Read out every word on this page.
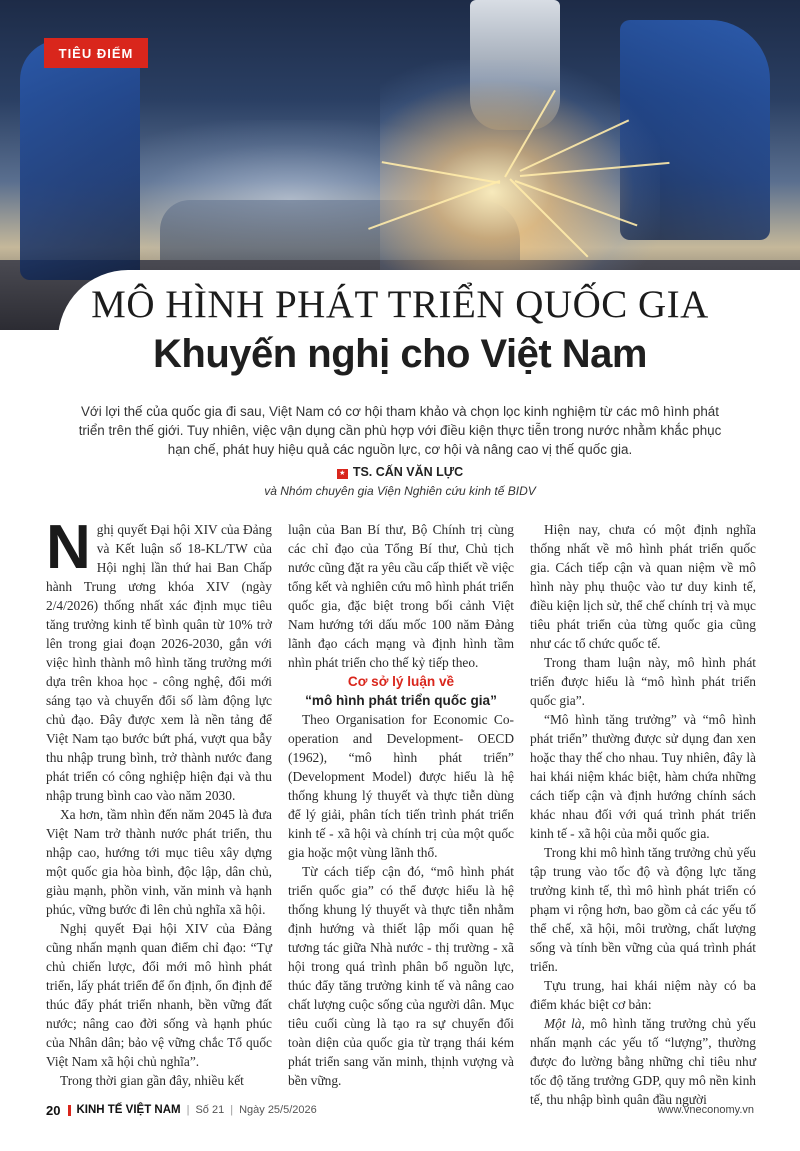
TIÊU ĐIỂM
MÔ HÌNH PHÁT TRIỂN QUỐC GIA
Khuyến nghị cho Việt Nam
Với lợi thế của quốc gia đi sau, Việt Nam có cơ hội tham khảo và chọn lọc kinh nghiệm từ các mô hình phát triển trên thế giới. Tuy nhiên, việc vận dụng cần phù hợp với điều kiện thực tiễn trong nước nhằm khắc phục hạn chế, phát huy hiệu quả các nguồn lực, cơ hội và nâng cao vị thế quốc gia.
★ TS. CẤN VĂN LỰC
và Nhóm chuyên gia Viện Nghiên cứu kinh tế BIDV

Nghị quyết Đại hội XIV của Đảng và Kết luận số 18-KL/TW của Hội nghị lần thứ hai Ban Chấp hành Trung ương khóa XIV (ngày 2/4/2026) thống nhất xác định mục tiêu tăng trưởng kinh tế bình quân từ 10% trở lên trong giai đoạn 2026-2030, gắn với việc hình thành mô hình tăng trưởng mới dựa trên khoa học - công nghệ, đổi mới sáng tạo và chuyển đổi số làm động lực chủ đạo. Đây được xem là nền tảng để Việt Nam tạo bước bứt phá, vượt qua bẫy thu nhập trung bình, trở thành nước đang phát triển có công nghiệp hiện đại và thu nhập trung bình cao vào năm 2030.

Xa hơn, tầm nhìn đến năm 2045 là đưa Việt Nam trở thành nước phát triển, thu nhập cao, hướng tới mục tiêu xây dựng một quốc gia hòa bình, độc lập, dân chủ, giàu mạnh, phồn vinh, văn minh và hạnh phúc, vững bước đi lên chủ nghĩa xã hội.

Nghị quyết Đại hội XIV của Đảng cũng nhấn mạnh quan điểm chỉ đạo: “Tự chủ chiến lược, đổi mới mô hình phát triển, lấy phát triển để ổn định, ổn định để thúc đẩy phát triển nhanh, bền vững đất nước; nâng cao đời sống và hạnh phúc của Nhân dân; bảo vệ vững chắc Tổ quốc Việt Nam xã hội chủ nghĩa”.

Trong thời gian gần đây, nhiều kết

luận của Ban Bí thư, Bộ Chính trị cùng các chỉ đạo của Tổng Bí thư, Chủ tịch nước cũng đặt ra yêu cầu cấp thiết về việc tổng kết và nghiên cứu mô hình phát triển quốc gia, đặc biệt trong bối cảnh Việt Nam hướng tới dấu mốc 100 năm Đảng lãnh đạo cách mạng và định hình tầm nhìn phát triển cho thế kỷ tiếp theo.

Cơ sở lý luận về
“mô hình phát triển quốc gia”

Theo Organisation for Economic Co-operation and Development- OECD (1962), “mô hình phát triển” (Development Model) được hiểu là hệ thống khung lý thuyết và thực tiễn dùng để lý giải, phân tích tiến trình phát triển kinh tế - xã hội và chính trị của một quốc gia hoặc một vùng lãnh thổ.

Từ cách tiếp cận đó, “mô hình phát triển quốc gia” có thể được hiểu là hệ thống khung lý thuyết và thực tiễn nhằm định hướng và thiết lập mối quan hệ tương tác giữa Nhà nước - thị trường - xã hội trong quá trình phân bổ nguồn lực, thúc đẩy tăng trưởng kinh tế và nâng cao chất lượng cuộc sống của người dân. Mục tiêu cuối cùng là tạo ra sự chuyển đổi toàn diện của quốc gia từ trạng thái kém phát triển sang văn minh, thịnh vượng và bền vững.

Hiện nay, chưa có một định nghĩa thống nhất về mô hình phát triển quốc gia. Cách tiếp cận và quan niệm về mô hình này phụ thuộc vào tư duy kinh tế, điều kiện lịch sử, thể chế chính trị và mục tiêu phát triển của từng quốc gia cũng như các tổ chức quốc tế.

Trong tham luận này, mô hình phát triển được hiểu là “mô hình phát triển quốc gia”.

“Mô hình tăng trưởng” và “mô hình phát triển” thường được sử dụng đan xen hoặc thay thế cho nhau. Tuy nhiên, đây là hai khái niệm khác biệt, hàm chứa những cách tiếp cận và định hướng chính sách khác nhau đối với quá trình phát triển kinh tế - xã hội của mỗi quốc gia.

Trong khi mô hình tăng trưởng chủ yếu tập trung vào tốc độ và động lực tăng trưởng kinh tế, thì mô hình phát triển có phạm vi rộng hơn, bao gồm cả các yếu tố thể chế, xã hội, môi trường, chất lượng sống và tính bền vững của quá trình phát triển.

Tựu trung, hai khái niệm này có ba điểm khác biệt cơ bản:

Một là, mô hình tăng trưởng chủ yếu nhấn mạnh các yếu tố “lượng”, thường được đo lường bằng những chỉ tiêu như tốc độ tăng trưởng GDP, quy mô nền kinh tế, thu nhập bình quân đầu người

20 KINH TẾ VIỆT NAM | Số 21 | Ngày 25/5/2026	www.vneconomy.vn
